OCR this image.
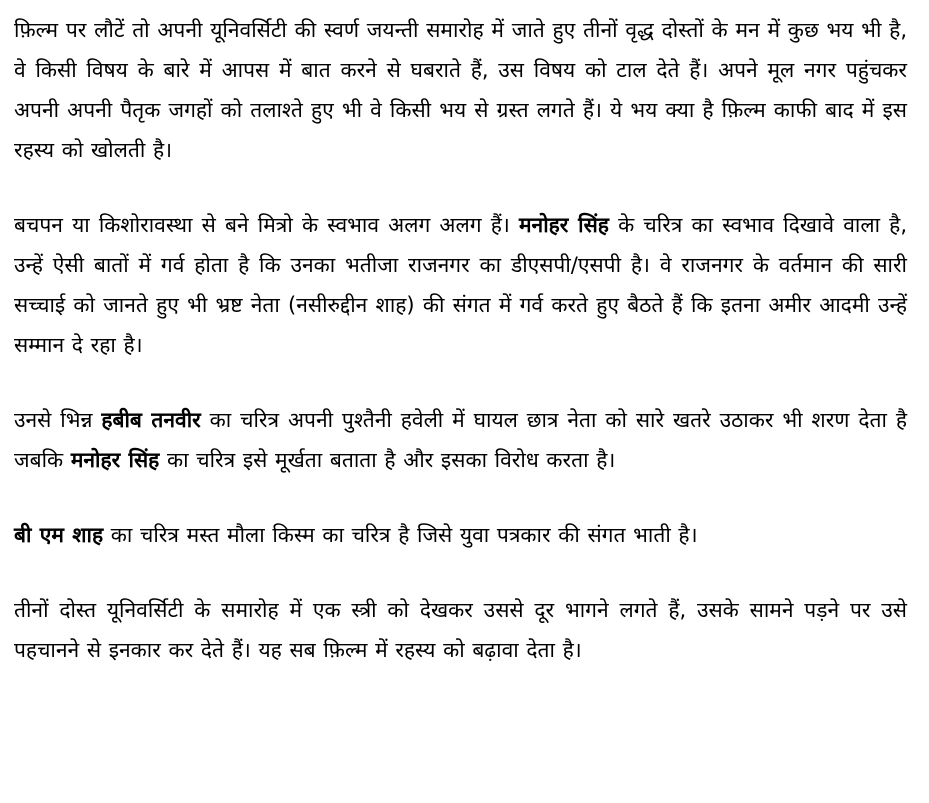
फ़िल्म पर लौटें तो अपनी यूनिवर्सिटी की स्वर्ण जयन्ती समारोह में जाते हुए तीनों वृद्ध दोस्तों के मन में कुछ भय भी है, वे किसी विषय के बारे में आपस में बात करने से घबराते हैं, उस विषय को टाल देते हैं। अपने मूल नगर पहुंचकर अपनी अपनी पैतृक जगहों को तलाश्ते हुए भी वे किसी भय से ग्रस्त लगते हैं। ये भय क्या है फ़िल्म काफी बाद में इस रहस्य को खोलती है।

बचपन या किशोरावस्था से बने मित्रो के स्वभाव अलग अलग हैं। मनोहर सिंह के चरित्र का स्वभाव दिखावे वाला है, उन्हें ऐसी बातों में गर्व होता है कि उनका भतीजा राजनगर का डीएसपी/एसपी है। वे राजनगर के वर्तमान की सारी सच्चाई को जानते हुए भी भ्रष्ट नेता (नसीरुद्दीन शाह) की संगत में गर्व करते हुए बैठते हैं कि इतना अमीर आदमी उन्हें सम्मान दे रहा है।

उनसे भिन्न हबीब तनवीर का चरित्र अपनी पुश्तैनी हवेली में घायल छात्र नेता को सारे खतरे उठाकर भी शरण देता है जबकि मनोहर सिंह का चरित्र इसे मूर्खता बताता है और इसका विरोध करता है।

बी एम शाह का चरित्र मस्त मौला किस्म का चरित्र है जिसे युवा पत्रकार की संगत भाती है।

तीनों दोस्त यूनिवर्सिटी के समारोह में एक स्त्री को देखकर उससे दूर भागने लगते हैं, उसके सामने पड़ने पर उसे पहचानने से इनकार कर देते हैं। यह सब फ़िल्म में रहस्य को बढ़ावा देता है।
